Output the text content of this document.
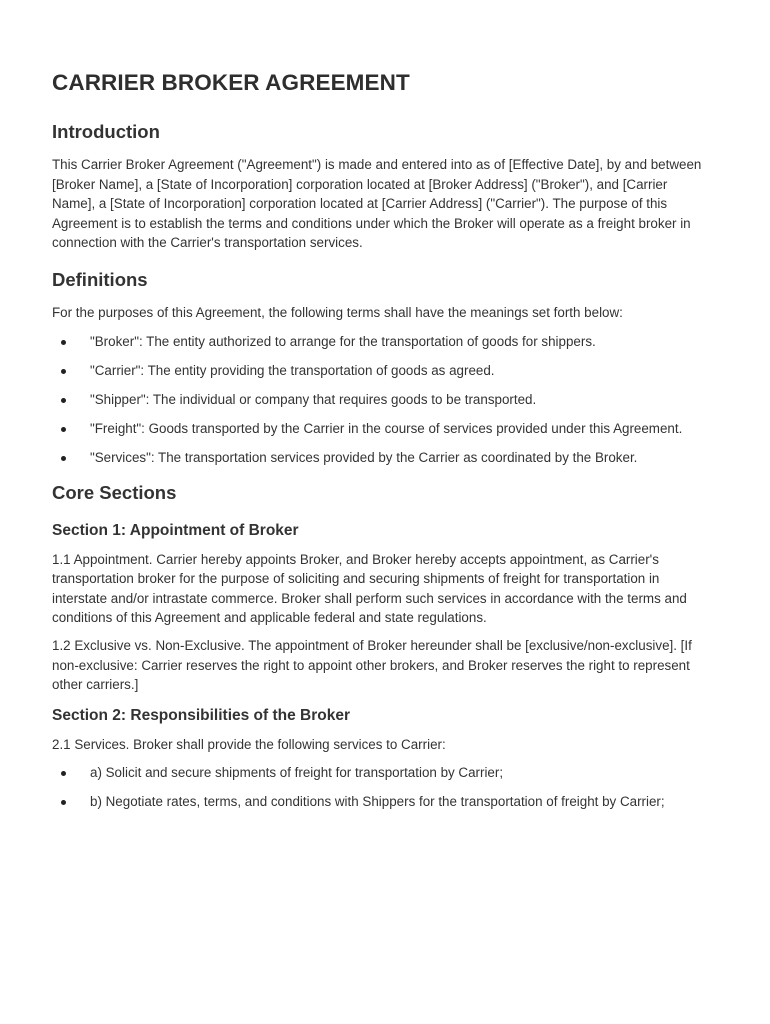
CARRIER BROKER AGREEMENT
Introduction

This Carrier Broker Agreement ("Agreement") is made and entered into as of [Effective Date], by and between [Broker Name], a [State of Incorporation] corporation located at [Broker Address] ("Broker"), and [Carrier Name], a [State of Incorporation] corporation located at [Carrier Address] ("Carrier"). The purpose of this Agreement is to establish the terms and conditions under which the Broker will operate as a freight broker in connection with the Carrier's transportation services.

Definitions

For the purposes of this Agreement, the following terms shall have the meanings set forth below:

"Broker": The entity authorized to arrange for the transportation of goods for shippers.
"Carrier": The entity providing the transportation of goods as agreed.
"Shipper": The individual or company that requires goods to be transported.
"Freight": Goods transported by the Carrier in the course of services provided under this Agreement.
"Services": The transportation services provided by the Carrier as coordinated by the Broker.
Core Sections
Section 1: Appointment of Broker

1.1 Appointment. Carrier hereby appoints Broker, and Broker hereby accepts appointment, as Carrier's transportation broker for the purpose of soliciting and securing shipments of freight for transportation in interstate and/or intrastate commerce. Broker shall perform such services in accordance with the terms and conditions of this Agreement and applicable federal and state regulations.

1.2 Exclusive vs. Non-Exclusive. The appointment of Broker hereunder shall be [exclusive/non-exclusive]. [If non-exclusive: Carrier reserves the right to appoint other brokers, and Broker reserves the right to represent other carriers.]

Section 2: Responsibilities of the Broker

2.1 Services. Broker shall provide the following services to Carrier:

a) Solicit and secure shipments of freight for transportation by Carrier;
b) Negotiate rates, terms, and conditions with Shippers for the transportation of freight by Carrier;
